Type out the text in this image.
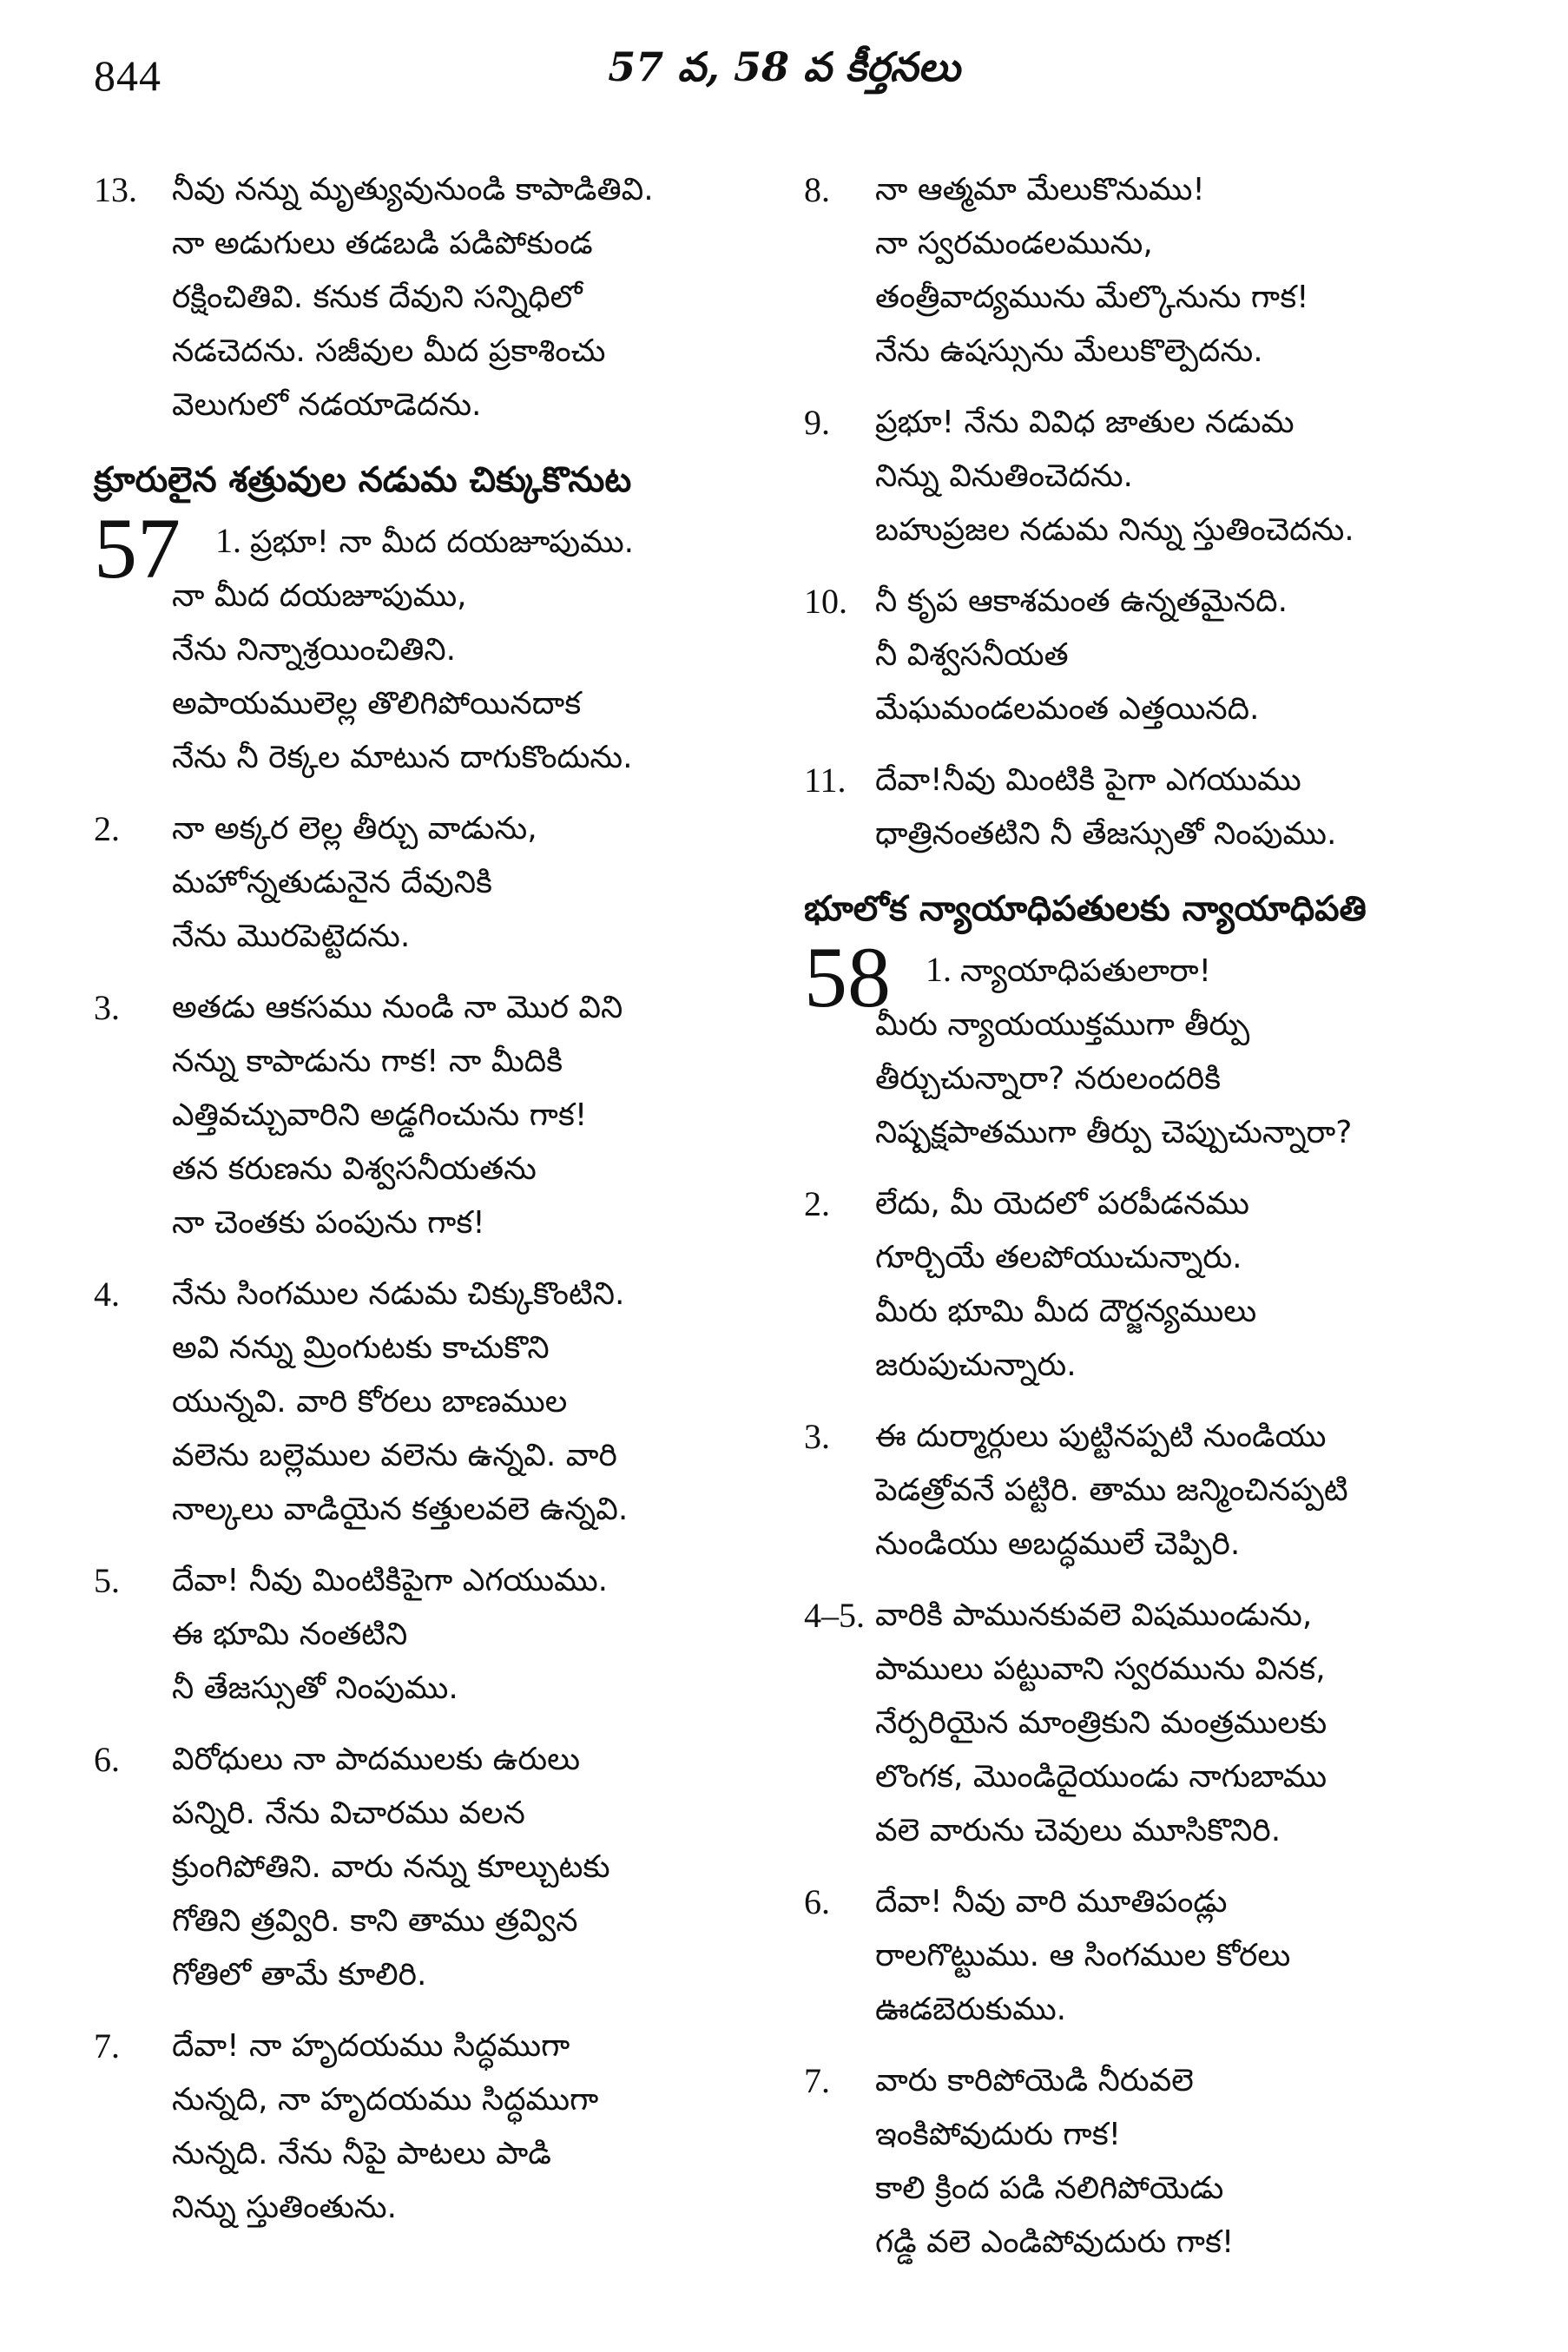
844	57 వ, 58 వ కీర్తనలు
13. నీవు నన్ను మృత్యువునుండి కాపాడితివి.
నా అడుగులు తడబడి పడిపోకుండ
రక్షించితివి. కనుక దేవుని సన్నిధిలో
నడచెదను. సజీవుల మీద ప్రకాశించు
వెలుగులో నడయాడెదను.
క్రూరులైన శత్రువుల నడుమ చిక్కుకొనుట
57 1. ప్రభూ! నా మీద దయజూపుము.
నా మీద దయజూపుము,
నేను నిన్నాశ్రయించితిని.
అపాయములెల్ల తొలిగిపోయినదాక
నేను నీ రెక్కల మాటున దాగుకొందును.
2. నా అక్కర లెల్ల తీర్చు వాడును,
మహోన్నతుడునైన దేవునికి
నేను మొరపెట్టెదను.
3. అతడు ఆకసము నుండి నా మొర విని
నన్ను కాపాడును గాక! నా మీదికి
ఎత్తివచ్చువారిని అడ్డగించును గాక!
తన కరుణను విశ్వసనీయతను
నా చెంతకు పంపును గాక!
4. నేను సింగముల నడుమ చిక్కుకొంటిని.
అవి నన్ను మ్రింగుటకు కాచుకొని
యున్నవి. వారి కోరలు బాణముల
వలెను బల్లెముల వలెను ఉన్నవి. వారి
నాల్కలు వాడియైన కత్తులవలె ఉన్నవి.
5. దేవా! నీవు మింటికిపైగా ఎగయుము.
ఈ భూమి నంతటిని
నీ తేజస్సుతో నింపుము.
6. విరోధులు నా పాదములకు ఉరులు
పన్నిరి. నేను విచారము వలన
క్రుంగిపోతిని. వారు నన్ను కూల్చుటకు
గోతిని త్రవ్విరి. కాని తాము త్రవ్విన
గోతిలో తామే కూలిరి.
7. దేవా! నా హృదయము సిద్ధముగా
నున్నది, నా హృదయము సిద్ధముగా
నున్నది. నేను నీపై పాటలు పాడి
నిన్ను స్తుతింతును.
8. నా ఆత్మమా మేలుకొనుము!
నా స్వరమండలమును,
తంత్రీవాద్యమును మేల్కొనును గాక!
నేను ఉషస్సును మేలుకొల్పెదను.
9. ప్రభూ! నేను వివిధ జాతుల నడుమ
నిన్ను వినుతించెదను.
బహుప్రజల నడుమ నిన్ను స్తుతించెదను.
10. నీ కృప ఆకాశమంత ఉన్నతమైనది.
నీ విశ్వసనీయత
మేఘమండలమంత ఎత్తయినది.
11. దేవా!నీవు మింటికి పైగా ఎగయుము
ధాత్రినంతటిని నీ తేజస్సుతో నింపుము.
భూలోక న్యాయాధిపతులకు న్యాయాధిపతి
58 1. న్యాయాధిపతులారా!
మీరు న్యాయయుక్తముగా తీర్పు
తీర్చుచున్నారా? నరులందరికి
నిష్పక్షపాతముగా తీర్పు చెప్పుచున్నారా?
2. లేదు, మీ యెదలో పరపీడనము
గూర్చియే తలపోయుచున్నారు.
మీరు భూమి మీద దౌర్జన్యములు
జరుపుచున్నారు.
3. ఈ దుర్మార్గులు పుట్టినప్పటి నుండియు
పెడత్రోవనే పట్టిరి. తాము జన్మించినప్పటి
నుండియు అబద్ధములే చెప్పిరి.
4–5. వారికి పామునకువలె విషముండును,
పాములు పట్టువాని స్వరమును వినక,
నేర్పరియైన మాంత్రికుని మంత్రములకు
లొంగక, మొండిదైయుండు నాగుబాము
వలె వారును చెవులు మూసికొనిరి.
6. దేవా! నీవు వారి మూతిపండ్లు
రాలగొట్టుము. ఆ సింగముల కోరలు
ఊడబెరుకుము.
7. వారు కారిపోయెడి నీరువలె
ఇంకిపోవుదురు గాక!
కాలి క్రింద పడి నలిగిపోయెడు
గడ్డి వలె ఎండిపోవుదురు గాక!
